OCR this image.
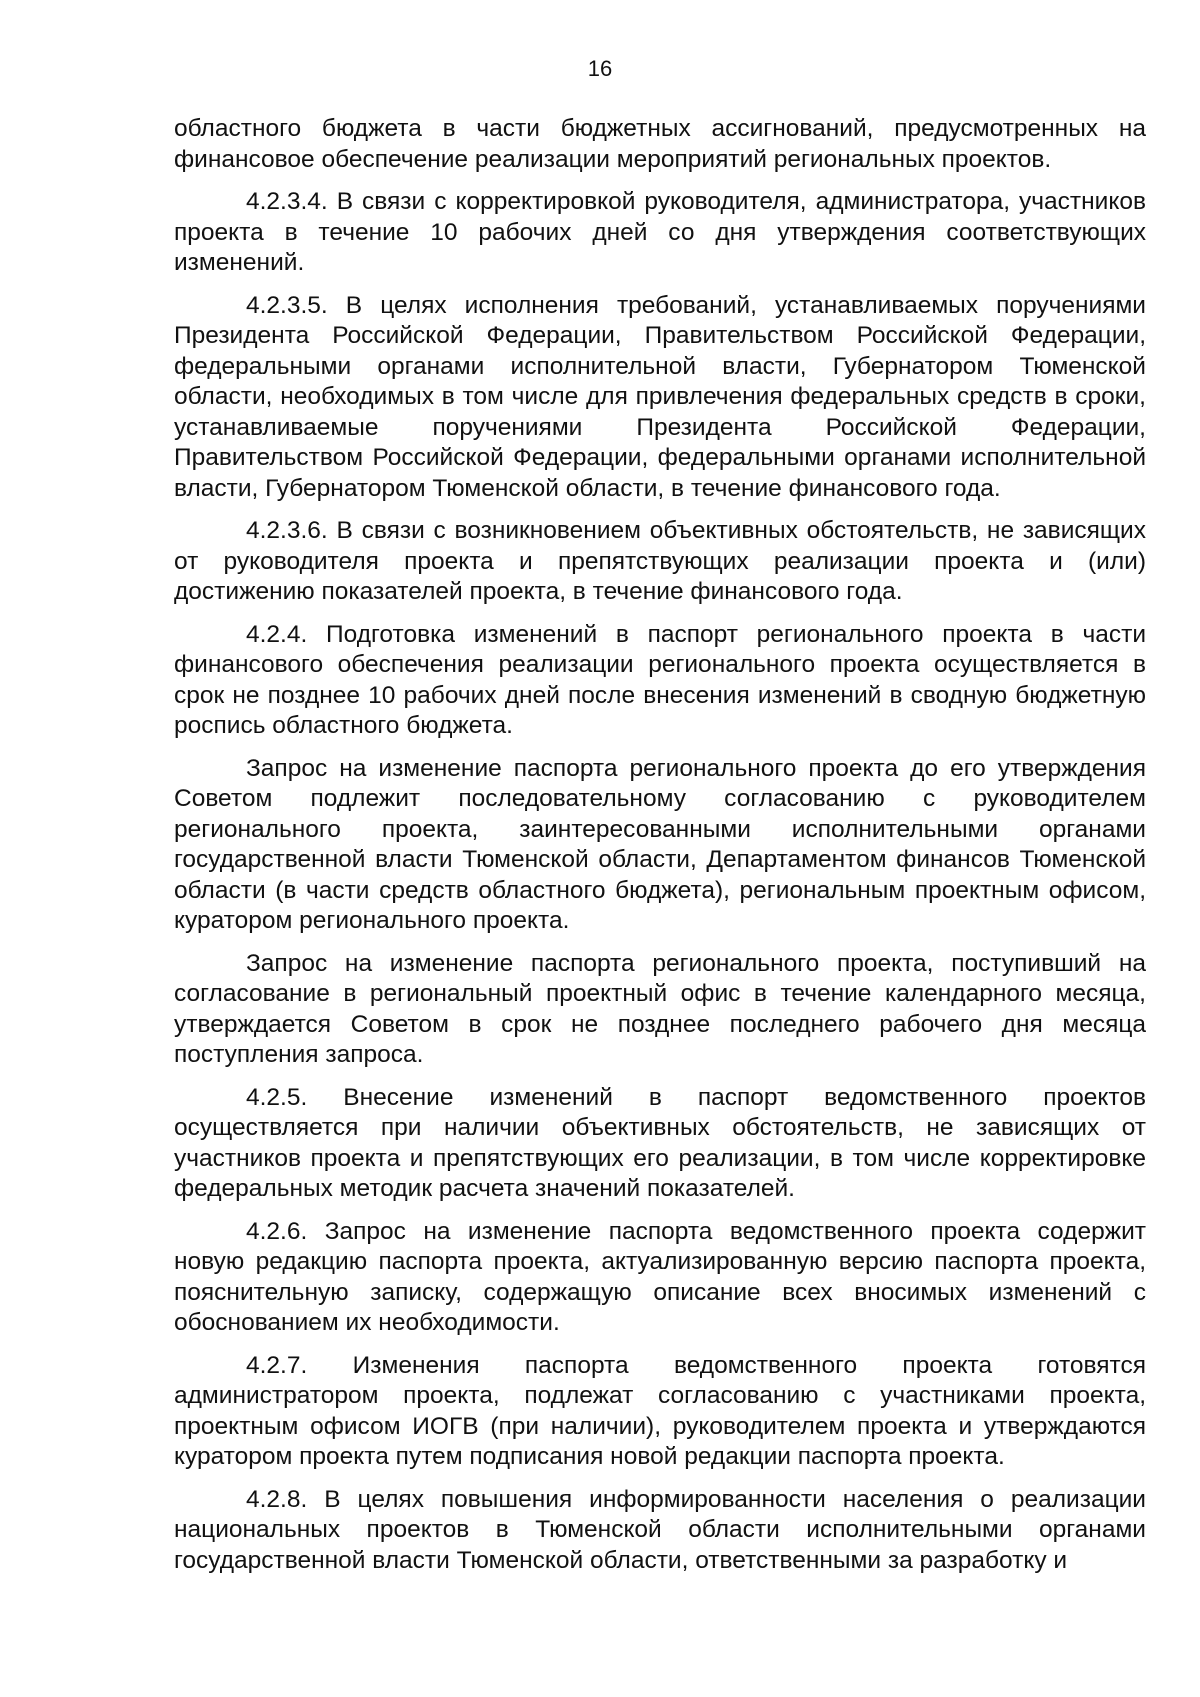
16

областного бюджета в части бюджетных ассигнований, предусмотренных на финансовое обеспечение реализации мероприятий региональных проектов.

4.2.3.4. В связи с корректировкой руководителя, администратора, участников проекта в течение 10 рабочих дней со дня утверждения соответствующих изменений.

4.2.3.5. В целях исполнения требований, устанавливаемых поручениями Президента Российской Федерации, Правительством Российской Федерации, федеральными органами исполнительной власти, Губернатором Тюменской области, необходимых в том числе для привлечения федеральных средств в сроки, устанавливаемые поручениями Президента Российской Федерации, Правительством Российской Федерации, федеральными органами исполнительной власти, Губернатором Тюменской области, в течение финансового года.

4.2.3.6. В связи с возникновением объективных обстоятельств, не зависящих от руководителя проекта и препятствующих реализации проекта и (или) достижению показателей проекта, в течение финансового года.

4.2.4. Подготовка изменений в паспорт регионального проекта в части финансового обеспечения реализации регионального проекта осуществляется в срок не позднее 10 рабочих дней после внесения изменений в сводную бюджетную роспись областного бюджета.

Запрос на изменение паспорта регионального проекта до его утверждения Советом подлежит последовательному согласованию с руководителем регионального проекта, заинтересованными исполнительными органами государственной власти Тюменской области, Департаментом финансов Тюменской области (в части средств областного бюджета), региональным проектным офисом, куратором регионального проекта.

Запрос на изменение паспорта регионального проекта, поступивший на согласование в региональный проектный офис в течение календарного месяца, утверждается Советом в срок не позднее последнего рабочего дня месяца поступления запроса.

4.2.5. Внесение изменений в паспорт ведомственного проектов осуществляется при наличии объективных обстоятельств, не зависящих от участников проекта и препятствующих его реализации, в том числе корректировке федеральных методик расчета значений показателей.

4.2.6. Запрос на изменение паспорта ведомственного проекта содержит новую редакцию паспорта проекта, актуализированную версию паспорта проекта, пояснительную записку, содержащую описание всех вносимых изменений с обоснованием их необходимости.

4.2.7. Изменения паспорта ведомственного проекта готовятся администратором проекта, подлежат согласованию с участниками проекта, проектным офисом ИОГВ (при наличии), руководителем проекта и утверждаются куратором проекта путем подписания новой редакции паспорта проекта.

4.2.8. В целях повышения информированности населения о реализации национальных проектов в Тюменской области исполнительными органами государственной власти Тюменской области, ответственными за разработку и
